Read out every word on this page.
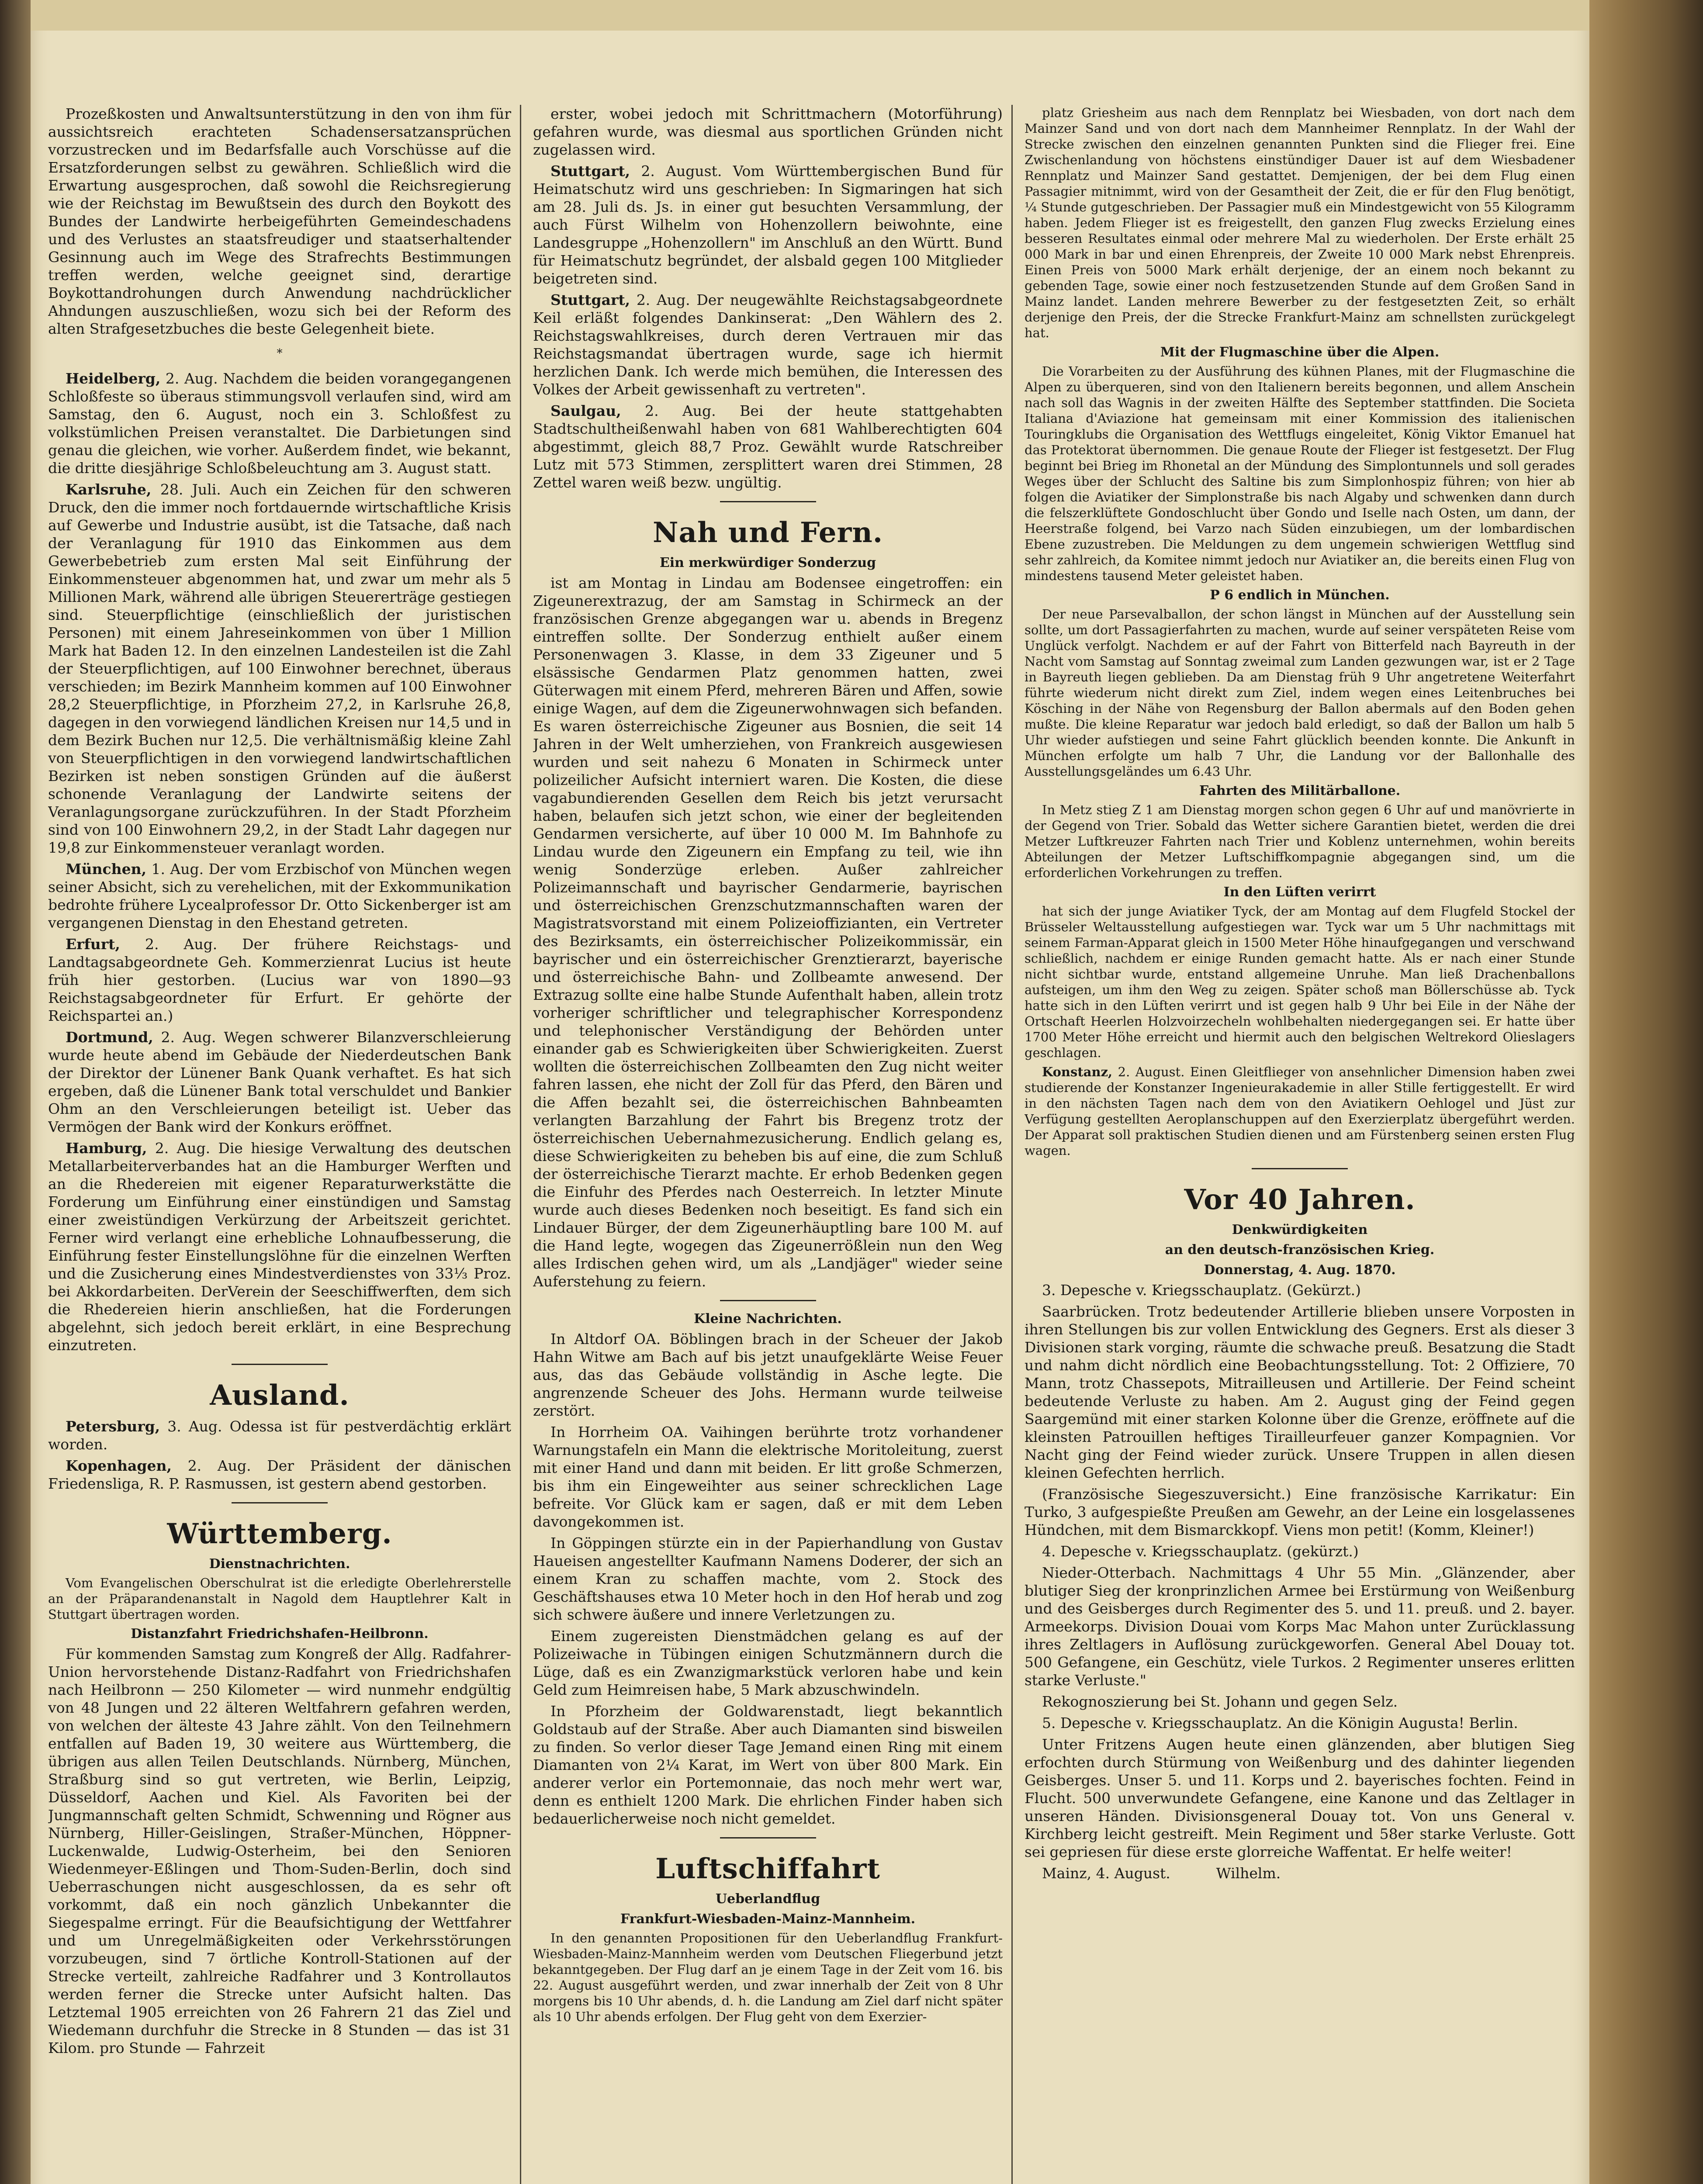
Prozeßkosten und Anwaltsunterstützung in den von ihm für aussichtsreich erachteten Schadensersatzansprüchen vorzustrecken und im Bedarfsfalle auch Vorschüsse auf die Ersatzforderungen selbst zu gewähren. Schließlich wird die Erwartung ausgesprochen, daß sowohl die Reichsregierung wie der Reichstag im Bewußtsein des durch den Boykott des Bundes der Landwirte herbeigeführten Gemeindeschadens und des Verlustes an staatsfreudiger und staatserhaltender Gesinnung auch im Wege des Strafrechts Bestimmungen treffen werden, welche geeignet sind, derartige Boykottandrohungen durch Anwendung nachdrücklicher Ahndungen auszuschließen, wozu sich bei der Reform des alten Strafgesetzbuches die beste Gelegenheit biete.

*

Heidelberg, 2. Aug. Nachdem die beiden vorangegangenen Schloßfeste so überaus stimmungsvoll verlaufen sind, wird am Samstag, den 6. August, noch ein 3. Schloßfest zu volkstümlichen Preisen veranstaltet. Die Darbietungen sind genau die gleichen, wie vorher. Außerdem findet, wie bekannt, die dritte diesjährige Schloßbeleuchtung am 3. August statt.

Karlsruhe, 28. Juli. Auch ein Zeichen für den schweren Druck, den die immer noch fortdauernde wirtschaftliche Krisis auf Gewerbe und Industrie ausübt, ist die Tatsache, daß nach der Veranlagung für 1910 das Einkommen aus dem Gewerbebetrieb zum ersten Mal seit Einführung der Einkommensteuer abgenommen hat, und zwar um mehr als 5 Millionen Mark, während alle übrigen Steuererträge gestiegen sind. Steuerpflichtige (einschließlich der juristischen Personen) mit einem Jahreseinkommen von über 1 Million Mark hat Baden 12. In den einzelnen Landesteilen ist die Zahl der Steuerpflichtigen, auf 100 Einwohner berechnet, überaus verschieden; im Bezirk Mannheim kommen auf 100 Einwohner 28,2 Steuerpflichtige, in Pforzheim 27,2, in Karlsruhe 26,8, dagegen in den vorwiegend ländlichen Kreisen nur 14,5 und in dem Bezirk Buchen nur 12,5. Die verhältnismäßig kleine Zahl von Steuerpflichtigen in den vorwiegend landwirtschaftlichen Bezirken ist neben sonstigen Gründen auf die äußerst schonende Veranlagung der Landwirte seitens der Veranlagungsorgane zurückzuführen. In der Stadt Pforzheim sind von 100 Einwohnern 29,2, in der Stadt Lahr dagegen nur 19,8 zur Einkommensteuer veranlagt worden.

München, 1. Aug. Der vom Erzbischof von München wegen seiner Absicht, sich zu verehelichen, mit der Exkommunikation bedrohte frühere Lycealprofessor Dr. Otto Sickenberger ist am vergangenen Dienstag in den Ehestand getreten.

Erfurt, 2. Aug. Der frühere Reichstags- und Landtagsabgeordnete Geh. Kommerzienrat Lucius ist heute früh hier gestorben. (Lucius war von 1890—93 Reichstagsabgeordneter für Erfurt. Er gehörte der Reichspartei an.)

Dortmund, 2. Aug. Wegen schwerer Bilanzverschleierung wurde heute abend im Gebäude der Niederdeutschen Bank der Direktor der Lünener Bank Quank verhaftet. Es hat sich ergeben, daß die Lünener Bank total verschuldet und Bankier Ohm an den Verschleierungen beteiligt ist. Ueber das Vermögen der Bank wird der Konkurs eröffnet.

Hamburg, 2. Aug. Die hiesige Verwaltung des deutschen Metallarbeiterverbandes hat an die Hamburger Werften und an die Rhedereien mit eigener Reparaturwerkstätte die Forderung um Einführung einer einstündigen und Samstag einer zweistündigen Verkürzung der Arbeitszeit gerichtet. Ferner wird verlangt eine erhebliche Lohnaufbesserung, die Einführung fester Einstellungslöhne für die einzelnen Werften und die Zusicherung eines Mindestverdienstes von 33⅓ Proz. bei Akkordarbeiten. DerVerein der Seeschiffwerften, dem sich die Rhedereien hierin anschließen, hat die Forderungen abgelehnt, sich jedoch bereit erklärt, in eine Besprechung einzutreten.

Ausland.

Petersburg, 3. Aug. Odessa ist für pestverdächtig erklärt worden.

Kopenhagen, 2. Aug. Der Präsident der dänischen Friedensliga, R. P. Rasmussen, ist gestern abend gestorben.

Württemberg.
Dienstnachrichten.

Vom Evangelischen Oberschulrat ist die erledigte Oberlehrerstelle an der Präparandenanstalt in Nagold dem Hauptlehrer Kalt in Stuttgart übertragen worden.

Distanzfahrt Friedrichshafen-Heilbronn.

Für kommenden Samstag zum Kongreß der Allg. Radfahrer-Union hervorstehende Distanz-Radfahrt von Friedrichshafen nach Heilbronn — 250 Kilometer — wird nunmehr endgültig von 48 Jungen und 22 älteren Weltfahrern gefahren werden, von welchen der älteste 43 Jahre zählt. Von den Teilnehmern entfallen auf Baden 19, 30 weitere aus Württemberg, die übrigen aus allen Teilen Deutschlands. Nürnberg, München, Straßburg sind so gut vertreten, wie Berlin, Leipzig, Düsseldorf, Aachen und Kiel. Als Favoriten bei der Jungmannschaft gelten Schmidt, Schwenning und Rögner aus Nürnberg, Hiller-Geislingen, Straßer-München, Höppner-Luckenwalde, Ludwig-Osterheim, bei den Senioren Wiedenmeyer-Eßlingen und Thom-Suden-Berlin, doch sind Ueberraschungen nicht ausgeschlossen, da es sehr oft vorkommt, daß ein noch gänzlich Unbekannter die Siegespalme erringt. Für die Beaufsichtigung der Wettfahrer und um Unregelmäßigkeiten oder Verkehrsstörungen vorzubeugen, sind 7 örtliche Kontroll-Stationen auf der Strecke verteilt, zahlreiche Radfahrer und 3 Kontrollautos werden ferner die Strecke unter Aufsicht halten. Das Letztemal 1905 erreichten von 26 Fahrern 21 das Ziel und Wiedemann durchfuhr die Strecke in 8 Stunden — das ist 31 Kilom. pro Stunde — Fahrzeit

erster, wobei jedoch mit Schrittmachern (Motorführung) gefahren wurde, was diesmal aus sportlichen Gründen nicht zugelassen wird.

Stuttgart, 2. August. Vom Württembergischen Bund für Heimatschutz wird uns geschrieben: In Sigmaringen hat sich am 28. Juli ds. Js. in einer gut besuchten Versammlung, der auch Fürst Wilhelm von Hohenzollern beiwohnte, eine Landesgruppe „Hohenzollern" im Anschluß an den Württ. Bund für Heimatschutz begründet, der alsbald gegen 100 Mitglieder beigetreten sind.

Stuttgart, 2. Aug. Der neugewählte Reichstagsabgeordnete Keil erläßt folgendes Dankinserat: „Den Wählern des 2. Reichstagswahlkreises, durch deren Vertrauen mir das Reichstagsmandat übertragen wurde, sage ich hiermit herzlichen Dank. Ich werde mich bemühen, die Interessen des Volkes der Arbeit gewissenhaft zu vertreten".

Saulgau, 2. Aug. Bei der heute stattgehabten Stadtschultheißenwahl haben von 681 Wahlberechtigten 604 abgestimmt, gleich 88,7 Proz. Gewählt wurde Ratschreiber Lutz mit 573 Stimmen, zersplittert waren drei Stimmen, 28 Zettel waren weiß bezw. ungültig.

Nah und Fern.
Ein merkwürdiger Sonderzug

ist am Montag in Lindau am Bodensee eingetroffen: ein Zigeunerextrazug, der am Samstag in Schirmeck an der französischen Grenze abgegangen war u. abends in Bregenz eintreffen sollte. Der Sonderzug enthielt außer einem Personenwagen 3. Klasse, in dem 33 Zigeuner und 5 elsässische Gendarmen Platz genommen hatten, zwei Güterwagen mit einem Pferd, mehreren Bären und Affen, sowie einige Wagen, auf dem die Zigeunerwohnwagen sich befanden. Es waren österreichische Zigeuner aus Bosnien, die seit 14 Jahren in der Welt umherziehen, von Frankreich ausgewiesen wurden und seit nahezu 6 Monaten in Schirmeck unter polizeilicher Aufsicht interniert waren. Die Kosten, die diese vagabundierenden Gesellen dem Reich bis jetzt verursacht haben, belaufen sich jetzt schon, wie einer der begleitenden Gendarmen versicherte, auf über 10 000 M. Im Bahnhofe zu Lindau wurde den Zigeunern ein Empfang zu teil, wie ihn wenig Sonderzüge erleben. Außer zahlreicher Polizeimannschaft und bayrischer Gendarmerie, bayrischen und österreichischen Grenzschutzmannschaften waren der Magistratsvorstand mit einem Polizeioffizianten, ein Vertreter des Bezirksamts, ein österreichischer Polizeikommissär, ein bayrischer und ein österreichischer Grenztierarzt, bayerische und österreichische Bahn- und Zollbeamte anwesend. Der Extrazug sollte eine halbe Stunde Aufenthalt haben, allein trotz vorheriger schriftlicher und telegraphischer Korrespondenz und telephonischer Verständigung der Behörden unter einander gab es Schwierigkeiten über Schwierigkeiten. Zuerst wollten die österreichischen Zollbeamten den Zug nicht weiter fahren lassen, ehe nicht der Zoll für das Pferd, den Bären und die Affen bezahlt sei, die österreichischen Bahnbeamten verlangten Barzahlung der Fahrt bis Bregenz trotz der österreichischen Uebernahmezusicherung. Endlich gelang es, diese Schwierigkeiten zu beheben bis auf eine, die zum Schluß der österreichische Tierarzt machte. Er erhob Bedenken gegen die Einfuhr des Pferdes nach Oesterreich. In letzter Minute wurde auch dieses Bedenken noch beseitigt. Es fand sich ein Lindauer Bürger, der dem Zigeunerhäuptling bare 100 M. auf die Hand legte, wogegen das Zigeunerrößlein nun den Weg alles Irdischen gehen wird, um als „Landjäger" wieder seine Auferstehung zu feiern.

Kleine Nachrichten.

In Altdorf OA. Böblingen brach in der Scheuer der Jakob Hahn Witwe am Bach auf bis jetzt unaufgeklärte Weise Feuer aus, das das Gebäude vollständig in Asche legte. Die angrenzende Scheuer des Johs. Hermann wurde teilweise zerstört.

In Horrheim OA. Vaihingen berührte trotz vorhandener Warnungstafeln ein Mann die elektrische Moritoleitung, zuerst mit einer Hand und dann mit beiden. Er litt große Schmerzen, bis ihm ein Eingeweihter aus seiner schrecklichen Lage befreite. Vor Glück kam er sagen, daß er mit dem Leben davongekommen ist.

In Göppingen stürzte ein in der Papierhandlung von Gustav Haueisen angestellter Kaufmann Namens Doderer, der sich an einem Kran zu schaffen machte, vom 2. Stock des Geschäftshauses etwa 10 Meter hoch in den Hof herab und zog sich schwere äußere und innere Verletzungen zu.

Einem zugereisten Dienstmädchen gelang es auf der Polizeiwache in Tübingen einigen Schutzmännern durch die Lüge, daß es ein Zwanzigmarkstück verloren habe und kein Geld zum Heimreisen habe, 5 Mark abzuschwindeln.

In Pforzheim der Goldwarenstadt, liegt bekanntlich Goldstaub auf der Straße. Aber auch Diamanten sind bisweilen zu finden. So verlor dieser Tage Jemand einen Ring mit einem Diamanten von 2¼ Karat, im Wert von über 800 Mark. Ein anderer verlor ein Portemonnaie, das noch mehr wert war, denn es enthielt 1200 Mark. Die ehrlichen Finder haben sich bedauerlicherweise noch nicht gemeldet.

Luftschiffahrt
Ueberlandflug
Frankfurt-Wiesbaden-Mainz-Mannheim.

In den genannten Propositionen für den Ueberlandflug Frankfurt-Wiesbaden-Mainz-Mannheim werden vom Deutschen Fliegerbund jetzt bekanntgegeben. Der Flug darf an je einem Tage in der Zeit vom 16. bis 22. August ausgeführt werden, und zwar innerhalb der Zeit von 8 Uhr morgens bis 10 Uhr abends, d. h. die Landung am Ziel darf nicht später als 10 Uhr abends erfolgen. Der Flug geht von dem Exerzier-

platz Griesheim aus nach dem Rennplatz bei Wiesbaden, von dort nach dem Mainzer Sand und von dort nach dem Mannheimer Rennplatz. In der Wahl der Strecke zwischen den einzelnen genannten Punkten sind die Flieger frei. Eine Zwischenlandung von höchstens einstündiger Dauer ist auf dem Wiesbadener Rennplatz und Mainzer Sand gestattet. Demjenigen, der bei dem Flug einen Passagier mitnimmt, wird von der Gesamtheit der Zeit, die er für den Flug benötigt, ¼ Stunde gutgeschrieben. Der Passagier muß ein Mindestgewicht von 55 Kilogramm haben. Jedem Flieger ist es freigestellt, den ganzen Flug zwecks Erzielung eines besseren Resultates einmal oder mehrere Mal zu wiederholen. Der Erste erhält 25 000 Mark in bar und einen Ehrenpreis, der Zweite 10 000 Mark nebst Ehrenpreis. Einen Preis von 5000 Mark erhält derjenige, der an einem noch bekannt zu gebenden Tage, sowie einer noch festzusetzenden Stunde auf dem Großen Sand in Mainz landet. Landen mehrere Bewerber zu der festgesetzten Zeit, so erhält derjenige den Preis, der die Strecke Frankfurt-Mainz am schnellsten zurückgelegt hat.

Mit der Flugmaschine über die Alpen.

Die Vorarbeiten zu der Ausführung des kühnen Planes, mit der Flugmaschine die Alpen zu überqueren, sind von den Italienern bereits begonnen, und allem Anschein nach soll das Wagnis in der zweiten Hälfte des September stattfinden. Die Societa Italiana d'Aviazione hat gemeinsam mit einer Kommission des italienischen Touringklubs die Organisation des Wettflugs eingeleitet, König Viktor Emanuel hat das Protektorat übernommen. Die genaue Route der Flieger ist festgesetzt. Der Flug beginnt bei Brieg im Rhonetal an der Mündung des Simplontunnels und soll gerades Weges über der Schlucht des Saltine bis zum Simplonhospiz führen; von hier ab folgen die Aviatiker der Simplonstraße bis nach Algaby und schwenken dann durch die felszerklüftete Gondoschlucht über Gondo und Iselle nach Osten, um dann, der Heerstraße folgend, bei Varzo nach Süden einzubiegen, um der lombardischen Ebene zuzustreben. Die Meldungen zu dem ungemein schwierigen Wettflug sind sehr zahlreich, da Komitee nimmt jedoch nur Aviatiker an, die bereits einen Flug von mindestens tausend Meter geleistet haben.

P 6 endlich in München.

Der neue Parsevalballon, der schon längst in München auf der Ausstellung sein sollte, um dort Passagierfahrten zu machen, wurde auf seiner verspäteten Reise vom Unglück verfolgt. Nachdem er auf der Fahrt von Bitterfeld nach Bayreuth in der Nacht vom Samstag auf Sonntag zweimal zum Landen gezwungen war, ist er 2 Tage in Bayreuth liegen geblieben. Da am Dienstag früh 9 Uhr angetretene Weiterfahrt führte wiederum nicht direkt zum Ziel, indem wegen eines Leitenbruches bei Kösching in der Nähe von Regensburg der Ballon abermals auf den Boden gehen mußte. Die kleine Reparatur war jedoch bald erledigt, so daß der Ballon um halb 5 Uhr wieder aufstiegen und seine Fahrt glücklich beenden konnte. Die Ankunft in München erfolgte um halb 7 Uhr, die Landung vor der Ballonhalle des Ausstellungsgeländes um 6.43 Uhr.

Fahrten des Militärballone.

In Metz stieg Z 1 am Dienstag morgen schon gegen 6 Uhr auf und manövrierte in der Gegend von Trier. Sobald das Wetter sichere Garantien bietet, werden die drei Metzer Luftkreuzer Fahrten nach Trier und Koblenz unternehmen, wohin bereits Abteilungen der Metzer Luftschiffkompagnie abgegangen sind, um die erforderlichen Vorkehrungen zu treffen.

In den Lüften verirrt

hat sich der junge Aviatiker Tyck, der am Montag auf dem Flugfeld Stockel der Brüsseler Weltausstellung aufgestiegen war. Tyck war um 5 Uhr nachmittags mit seinem Farman-Apparat gleich in 1500 Meter Höhe hinaufgegangen und verschwand schließlich, nachdem er einige Runden gemacht hatte. Als er nach einer Stunde nicht sichtbar wurde, entstand allgemeine Unruhe. Man ließ Drachenballons aufsteigen, um ihm den Weg zu zeigen. Später schoß man Böllerschüsse ab. Tyck hatte sich in den Lüften verirrt und ist gegen halb 9 Uhr bei Eile in der Nähe der Ortschaft Heerlen Holzvoirzecheln wohlbehalten niedergegangen sei. Er hatte über 1700 Meter Höhe erreicht und hiermit auch den belgischen Weltrekord Olieslagers geschlagen.

Konstanz, 2. August. Einen Gleitflieger von ansehnlicher Dimension haben zwei studierende der Konstanzer Ingenieurakademie in aller Stille fertiggestellt. Er wird in den nächsten Tagen nach dem von den Aviatikern Oehlogel und Jüst zur Verfügung gestellten Aeroplanschuppen auf den Exerzierplatz übergeführt werden. Der Apparat soll praktischen Studien dienen und am Fürstenberg seinen ersten Flug wagen.

Vor 40 Jahren.
Denkwürdigkeiten
an den deutsch-französischen Krieg.
Donnerstag, 4. Aug. 1870.

3. Depesche v. Kriegsschauplatz. (Gekürzt.)

Saarbrücken. Trotz bedeutender Artillerie blieben unsere Vorposten in ihren Stellungen bis zur vollen Entwicklung des Gegners. Erst als dieser 3 Divisionen stark vorging, räumte die schwache preuß. Besatzung die Stadt und nahm dicht nördlich eine Beobachtungsstellung. Tot: 2 Offiziere, 70 Mann, trotz Chassepots, Mitrailleusen und Artillerie. Der Feind scheint bedeutende Verluste zu haben. Am 2. August ging der Feind gegen Saargemünd mit einer starken Kolonne über die Grenze, eröffnete auf die kleinsten Patrouillen heftiges Tirailleurfeuer ganzer Kompagnien. Vor Nacht ging der Feind wieder zurück. Unsere Truppen in allen diesen kleinen Gefechten herrlich.

(Französische Siegeszuversicht.) Eine französische Karrikatur: Ein Turko, 3 aufgespießte Preußen am Gewehr, an der Leine ein losgelassenes Hündchen, mit dem Bismarckkopf. Viens mon petit! (Komm, Kleiner!)

4. Depesche v. Kriegsschauplatz. (gekürzt.)

Nieder-Otterbach. Nachmittags 4 Uhr 55 Min. „Glänzender, aber blutiger Sieg der kronprinzlichen Armee bei Erstürmung von Weißenburg und des Geisberges durch Regimenter des 5. und 11. preuß. und 2. bayer. Armeekorps. Division Douai vom Korps Mac Mahon unter Zurücklassung ihres Zeltlagers in Auflösung zurückgeworfen. General Abel Douay tot. 500 Gefangene, ein Geschütz, viele Turkos. 2 Regimenter unseres erlitten starke Verluste."

Rekognoszierung bei St. Johann und gegen Selz.

5. Depesche v. Kriegsschauplatz. An die Königin Augusta! Berlin.

Unter Fritzens Augen heute einen glänzenden, aber blutigen Sieg erfochten durch Stürmung von Weißenburg und des dahinter liegenden Geisberges. Unser 5. und 11. Korps und 2. bayerisches fochten. Feind in Flucht. 500 unverwundete Gefangene, eine Kanone und das Zeltlager in unseren Händen. Divisionsgeneral Douay tot. Von uns General v. Kirchberg leicht gestreift. Mein Regiment und 58er starke Verluste. Gott sei gepriesen für diese erste glorreiche Waffentat. Er helfe weiter!

Mainz, 4. August.	Wilhelm.
